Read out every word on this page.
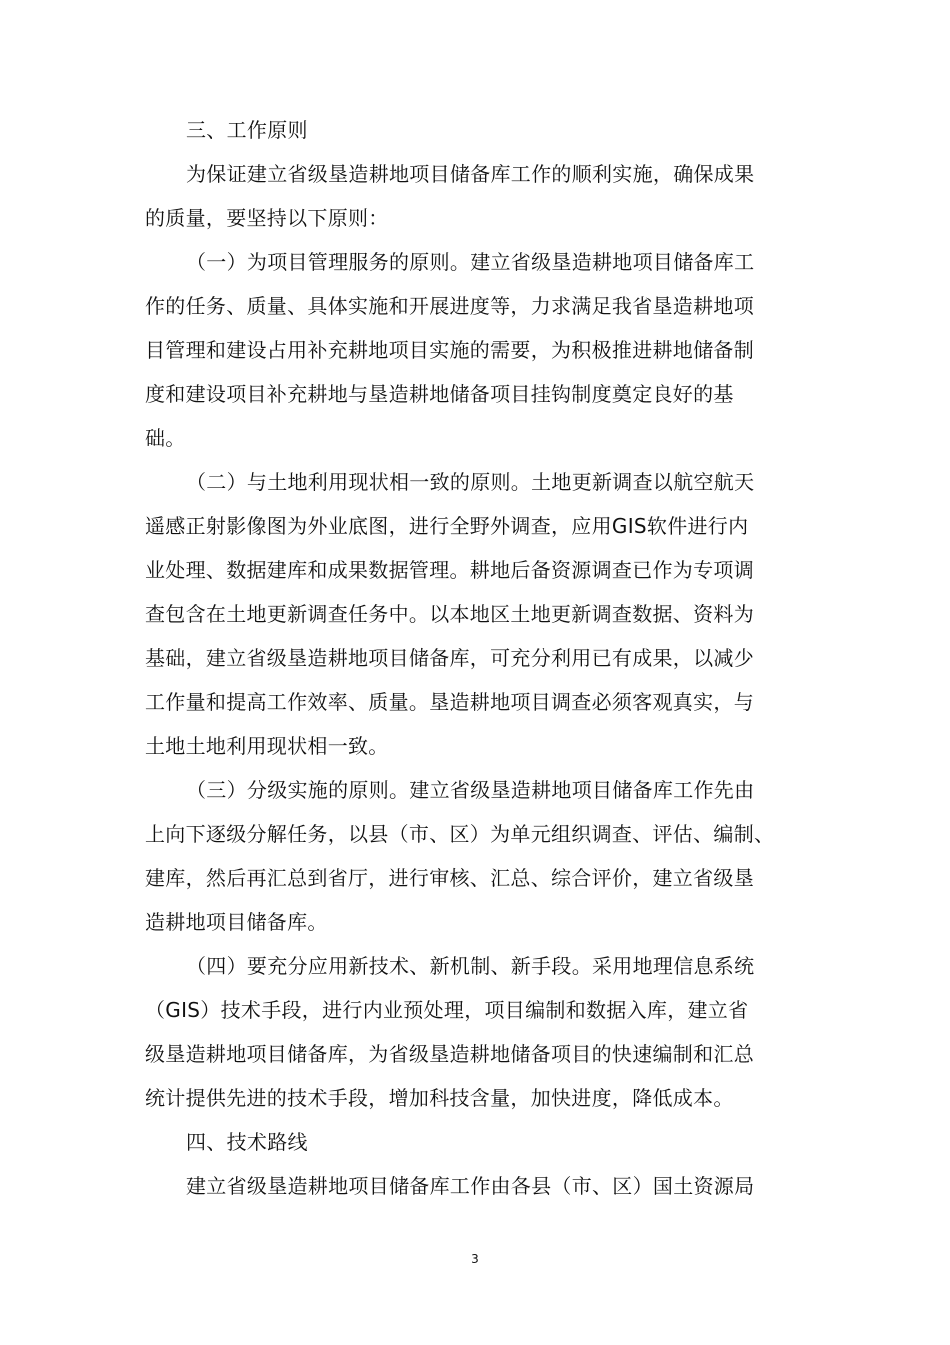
三、工作原则
为保证建立省级垦造耕地项目储备库工作的顺利实施，确保成果
的质量，要坚持以下原则：
（一）为项目管理服务的原则。建立省级垦造耕地项目储备库工
作的任务、质量、具体实施和开展进度等，力求满足我省垦造耕地项
目管理和建设占用补充耕地项目实施的需要，为积极推进耕地储备制
度和建设项目补充耕地与垦造耕地储备项目挂钩制度奠定良好的基
础。
（二）与土地利用现状相一致的原则。土地更新调查以航空航天
遥感正射影像图为外业底图，进行全野外调查，应用GIS软件进行内
业处理、数据建库和成果数据管理。耕地后备资源调查已作为专项调
查包含在土地更新调查任务中。以本地区土地更新调查数据、资料为
基础，建立省级垦造耕地项目储备库，可充分利用已有成果，以减少
工作量和提高工作效率、质量。垦造耕地项目调查必须客观真实，与
土地土地利用现状相一致。
（三）分级实施的原则。建立省级垦造耕地项目储备库工作先由
上向下逐级分解任务，以县（市、区）为单元组织调查、评估、编制、
建库，然后再汇总到省厅，进行审核、汇总、综合评价，建立省级垦
造耕地项目储备库。
（四）要充分应用新技术、新机制、新手段。采用地理信息系统
（GIS）技术手段，进行内业预处理，项目编制和数据入库，建立省
级垦造耕地项目储备库，为省级垦造耕地储备项目的快速编制和汇总
统计提供先进的技术手段，增加科技含量，加快进度，降低成本。
四、技术路线
建立省级垦造耕地项目储备库工作由各县（市、区）国土资源局
3
